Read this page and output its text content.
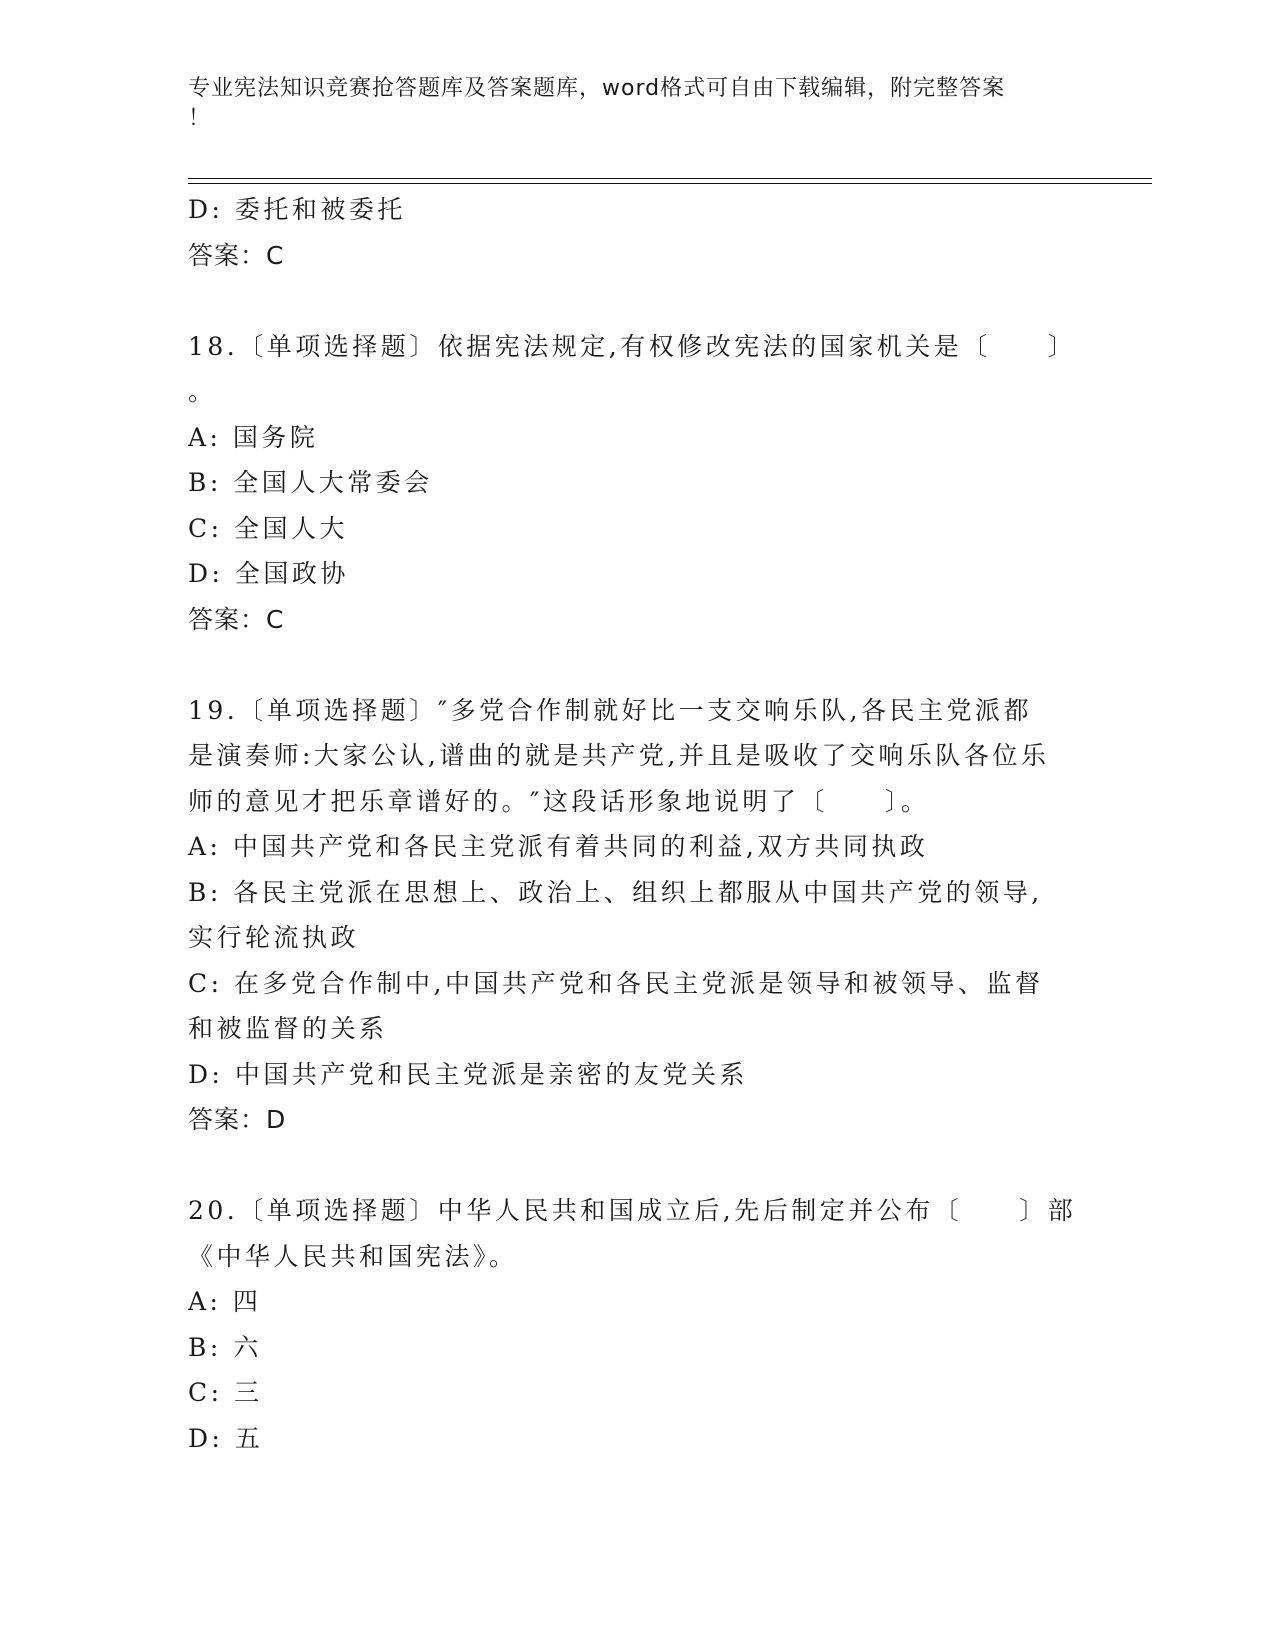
专业宪法知识竞赛抢答题库及答案题库，word格式可自由下载编辑，附完整答案
！
D: 委托和被委托
答案：C
18.〔单项选择题〕依据宪法规定,有权修改宪法的国家机关是〔　　〕
。
A: 国务院
B: 全国人大常委会
C: 全国人大
D: 全国政协
答案：C
19.〔单项选择题〕″多党合作制就好比一支交响乐队,各民主党派都
是演奏师:大家公认,谱曲的就是共产党,并且是吸收了交响乐队各位乐
师的意见才把乐章谱好的。″这段话形象地说明了〔　　〕。
A: 中国共产党和各民主党派有着共同的利益,双方共同执政
B: 各民主党派在思想上、政治上、组织上都服从中国共产党的领导,
实行轮流执政
C: 在多党合作制中,中国共产党和各民主党派是领导和被领导、监督
和被监督的关系
D: 中国共产党和民主党派是亲密的友党关系
答案：D
20.〔单项选择题〕中华人民共和国成立后,先后制定并公布〔　　〕部
《中华人民共和国宪法》。
A: 四
B: 六
C: 三
D: 五
